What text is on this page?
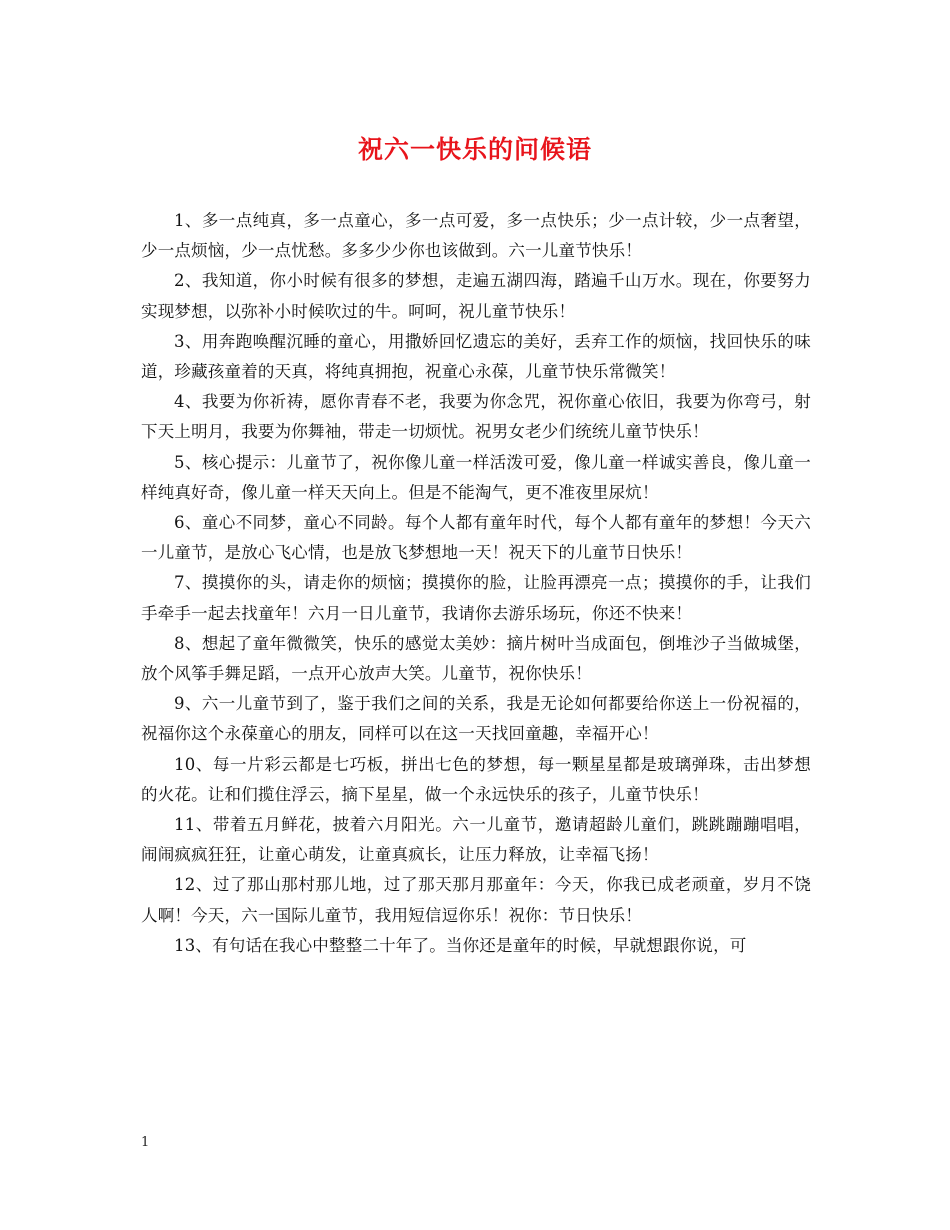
祝六一快乐的问候语

1、多一点纯真，多一点童心，多一点可爱，多一点快乐；少一点计较，少一点奢望，少一点烦恼，少一点忧愁。多多少少你也该做到。六一儿童节快乐！

2、我知道，你小时候有很多的梦想，走遍五湖四海，踏遍千山万水。现在，你要努力实现梦想，以弥补小时候吹过的牛。呵呵，祝儿童节快乐！

3、用奔跑唤醒沉睡的童心，用撒娇回忆遗忘的美好，丢弃工作的烦恼，找回快乐的味道，珍藏孩童着的天真，将纯真拥抱，祝童心永葆，儿童节快乐常微笑！

4、我要为你祈祷，愿你青春不老，我要为你念咒，祝你童心依旧，我要为你弯弓，射下天上明月，我要为你舞袖，带走一切烦忧。祝男女老少们统统儿童节快乐！

5、核心提示：儿童节了，祝你像儿童一样活泼可爱，像儿童一样诚实善良，像儿童一样纯真好奇，像儿童一样天天向上。但是不能淘气，更不准夜里尿炕！

6、童心不同梦，童心不同龄。每个人都有童年时代，每个人都有童年的梦想！今天六一儿童节，是放心飞心情，也是放飞梦想地一天！祝天下的儿童节日快乐！

7、摸摸你的头，请走你的烦恼；摸摸你的脸，让脸再漂亮一点；摸摸你的手，让我们手牵手一起去找童年！六月一日儿童节，我请你去游乐场玩，你还不快来！

8、想起了童年微微笑，快乐的感觉太美妙：摘片树叶当成面包，倒堆沙子当做城堡，放个风筝手舞足蹈，一点开心放声大笑。儿童节，祝你快乐！

9、六一儿童节到了，鉴于我们之间的关系，我是无论如何都要给你送上一份祝福的，祝福你这个永葆童心的朋友，同样可以在这一天找回童趣，幸福开心！

10、每一片彩云都是七巧板，拼出七色的梦想，每一颗星星都是玻璃弹珠，击出梦想的火花。让和们揽住浮云，摘下星星，做一个永远快乐的孩子，儿童节快乐！

11、带着五月鲜花，披着六月阳光。六一儿童节，邀请超龄儿童们，跳跳蹦蹦唱唱，闹闹疯疯狂狂，让童心萌发，让童真疯长，让压力释放，让幸福飞扬！

12、过了那山那村那儿地，过了那天那月那童年：今天，你我已成老顽童，岁月不饶人啊！今天，六一国际儿童节，我用短信逗你乐！祝你：节日快乐！

13、有句话在我心中整整二十年了。当你还是童年的时候，早就想跟你说，可

1
